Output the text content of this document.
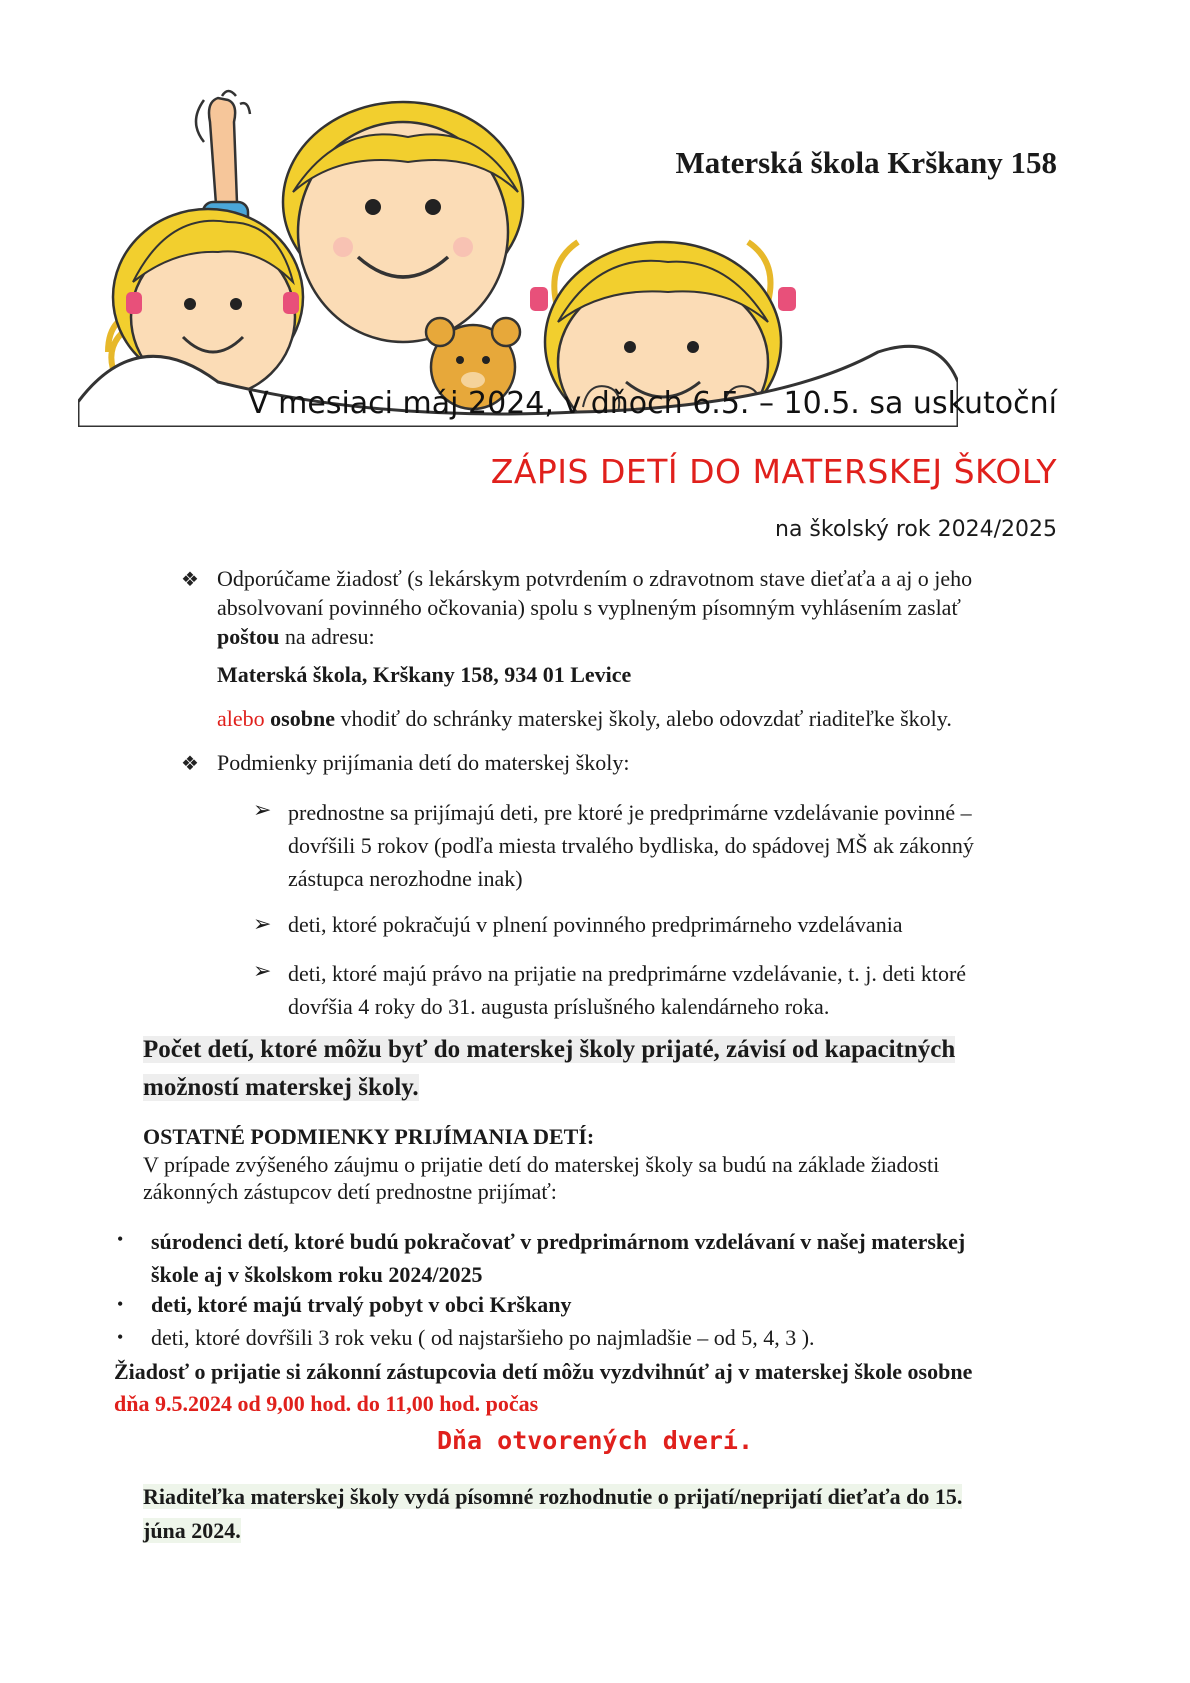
Materská škola Krškany 158
V mesiaci máj 2024, v dňoch 6.5. – 10.5. sa uskutoční
ZÁPIS DETÍ DO MATERSKEJ ŠKOLY
na školský rok 2024/2025
❖ Odporúčame žiadosť (s lekárskym potvrdením o zdravotnom stave dieťaťa a aj o jeho
absolvovaní povinného očkovania) spolu s vyplneným písomným vyhlásením zaslať
poštou na adresu:
Materská škola, Krškany 158, 934 01 Levice
alebo osobne vhodiť do schránky materskej školy, alebo odovzdať riaditeľke školy.
❖ Podmienky prijímania detí do materskej školy:
➢ prednostne sa prijímajú deti, pre ktoré je predprimárne vzdelávanie povinné –
dovŕšili 5 rokov (podľa miesta trvalého bydliska, do spádovej MŠ ak zákonný
zástupca nerozhodne inak)
➢ deti, ktoré pokračujú v plnení povinného predprimárneho vzdelávania
➢ deti, ktoré majú právo na prijatie na predprimárne vzdelávanie, t. j. deti ktoré
dovŕšia 4 roky do 31. augusta príslušného kalendárneho roka.
Počet detí, ktoré môžu byť do materskej školy prijaté, závisí od kapacitných
možností materskej školy.
OSTATNÉ PODMIENKY PRIJÍMANIA DETÍ:
V prípade zvýšeného záujmu o prijatie detí do materskej školy sa budú na základe žiadosti
zákonných zástupcov detí prednostne prijímať:
• súrodenci detí, ktoré budú pokračovať v predprimárnom vzdelávaní v našej materskej
škole aj v školskom roku 2024/2025
• deti, ktoré majú trvalý pobyt v obci Krškany
• deti, ktoré dovŕšili 3 rok veku ( od najstaršieho po najmladšie – od 5, 4, 3 ).
Žiadosť o prijatie si zákonní zástupcovia detí môžu vyzdvihnúť aj v materskej škole osobne
dňa 9.5.2024 od 9,00 hod. do 11,00 hod. počas
Dňa otvorených dverí.
Riaditeľka materskej školy vydá písomné rozhodnutie o prijatí/neprijatí dieťaťa do 15.
júna 2024.
